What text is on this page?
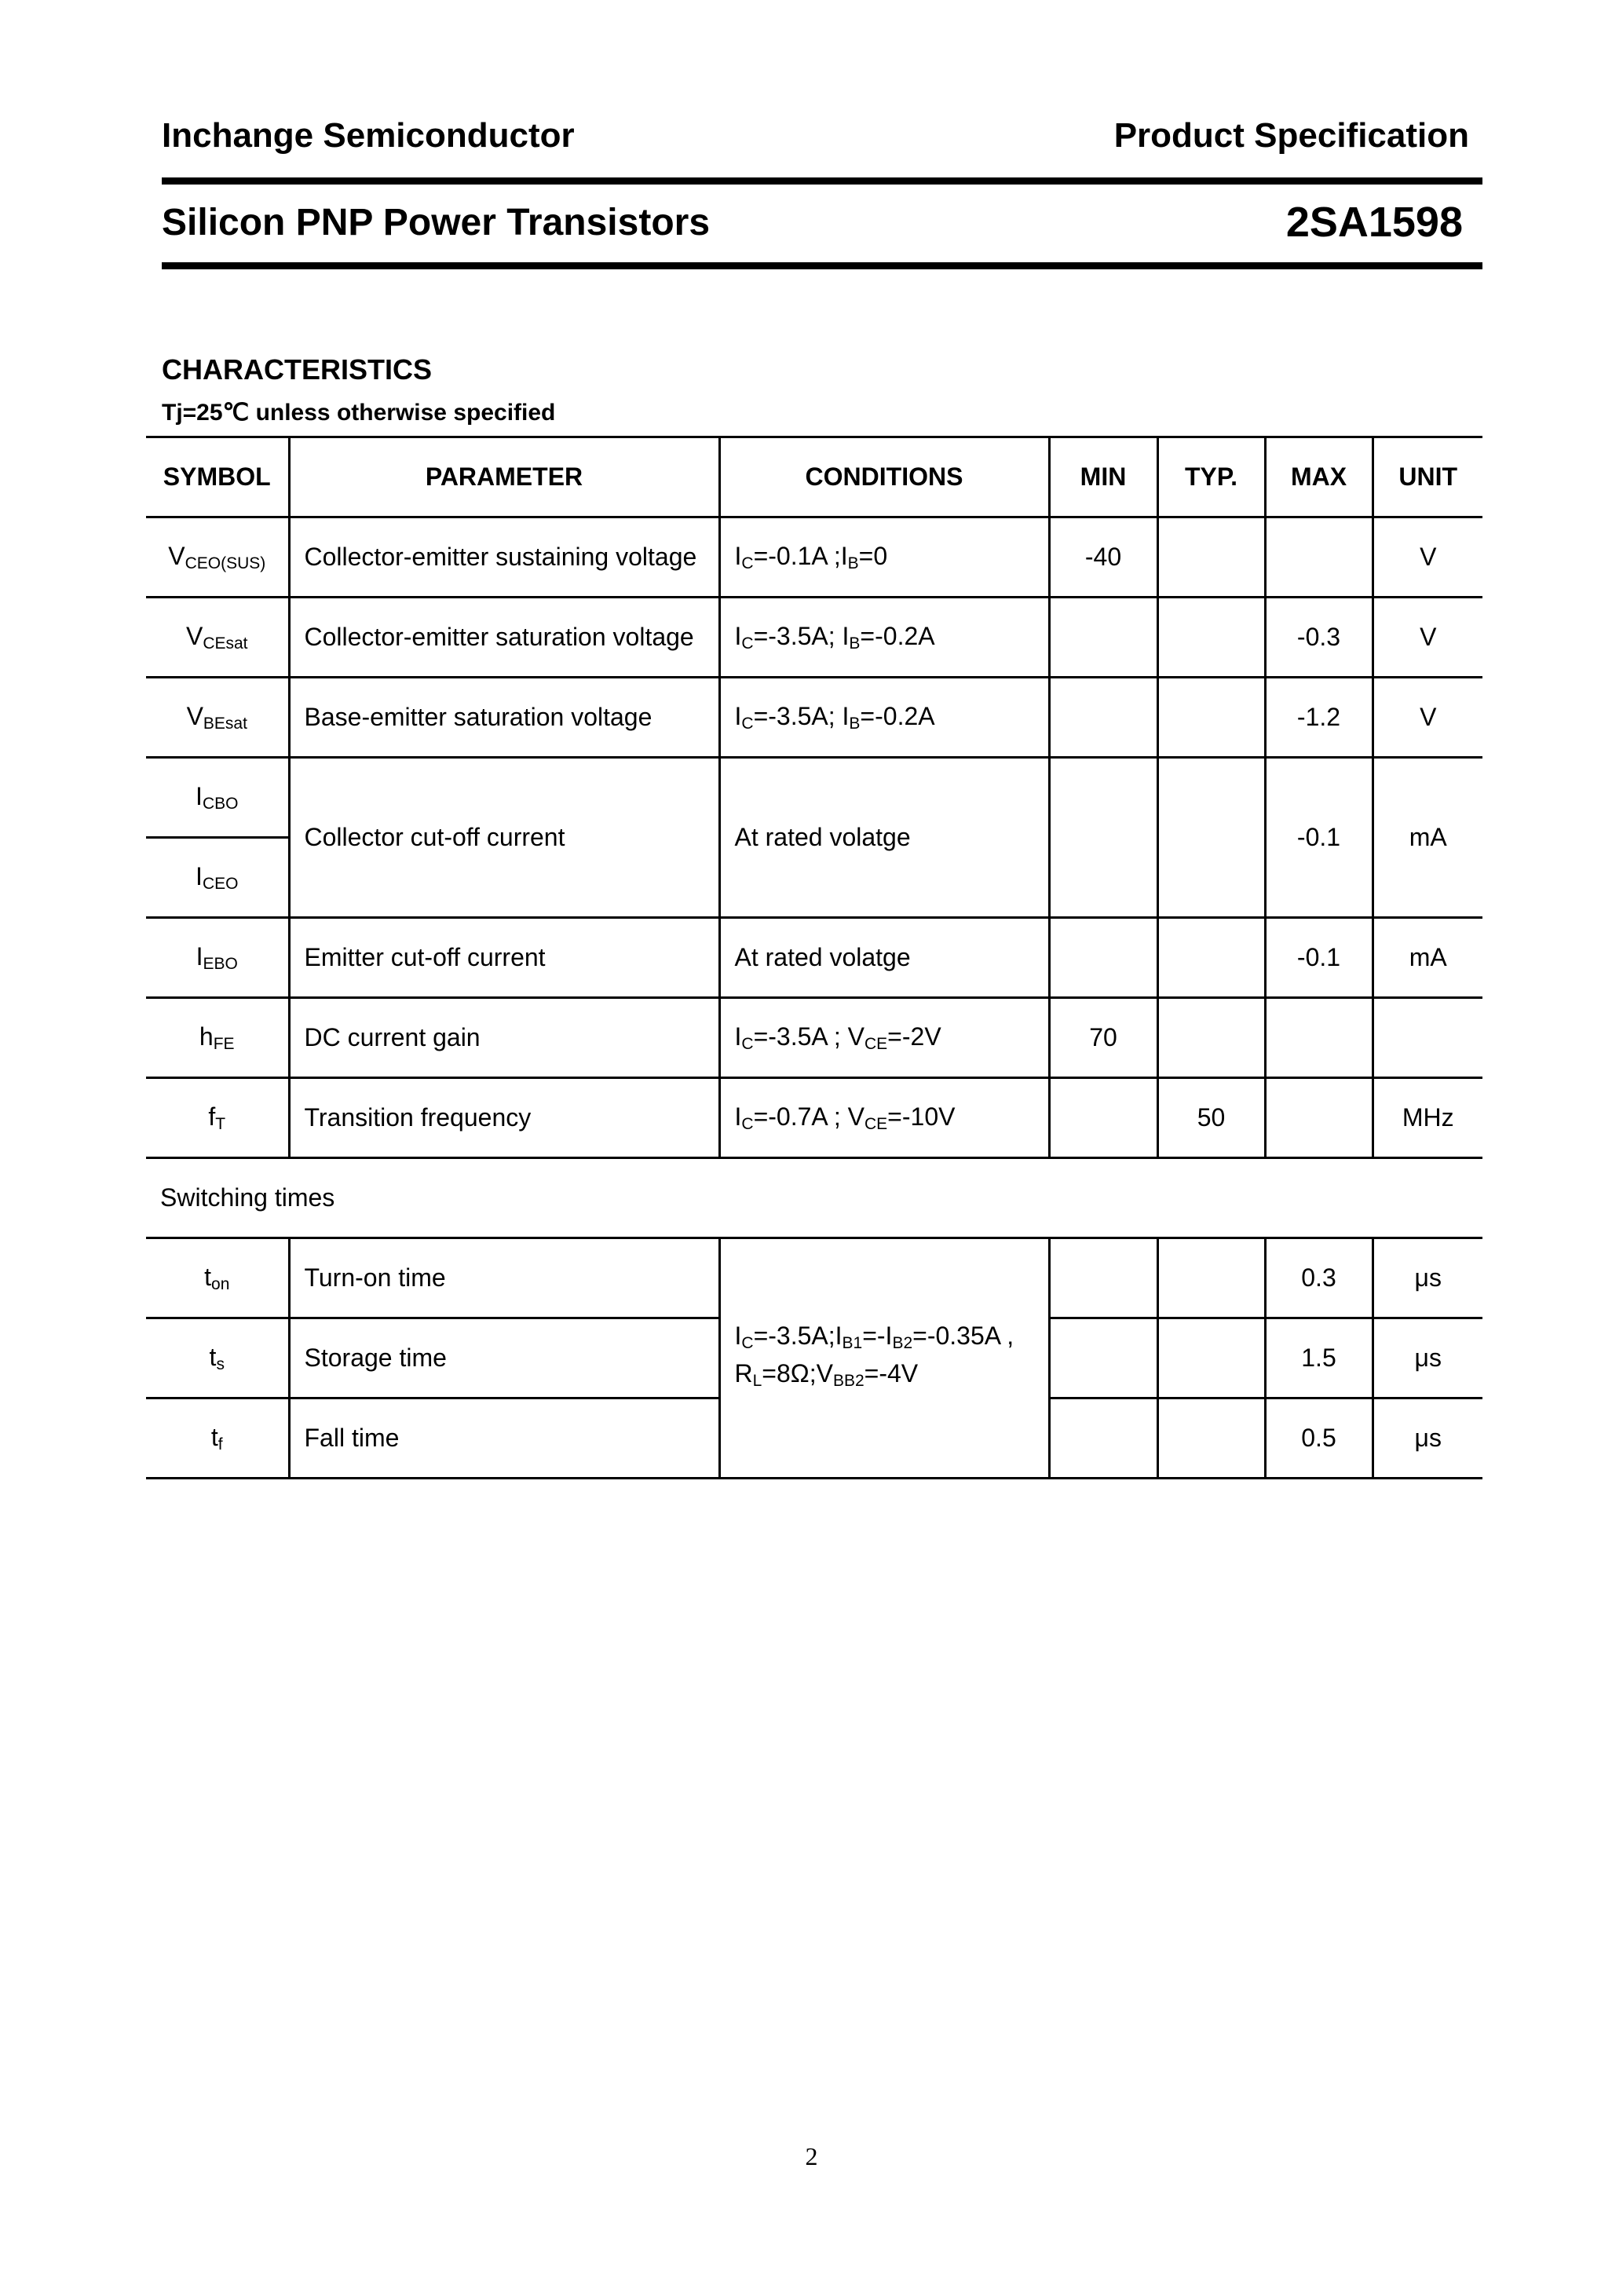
Inchange Semiconductor	Product Specification
Silicon PNP Power Transistors	2SA1598
CHARACTERISTICS
Tj=25℃ unless otherwise specified
SYMBOL	PARAMETER	CONDITIONS	MIN	TYP.	MAX	UNIT
$V_{CEO(SUS)}$	Collector-emitter sustaining voltage	$I_C=-0.1A$ $;I_B=0$	-40			V
$V_{CEsat}$	Collector-emitter saturation voltage	$I_C=-3.5A$; $I_B=-0.2A$			-0.3	V
$V_{BEsat}$	Base-emitter saturation voltage	$I_C=-3.5A$; $I_B=-0.2A$			-1.2	V
$I_{CBO}$	Collector cut-off current	At rated volatge			-0.1	mA
$I_{CEO}$
$I_{EBO}$	Emitter cut-off current	At rated volatge			-0.1	mA
$h_{FE}$	DC current gain	$I_C=-3.5A$ ; $V_{CE}=-2V$	70			
$f_T$	Transition frequency	$I_C=-0.7A$ ; $V_{CE}=-10V$		50		MHz
Switching times						
$t_{on}$	Turn-on time	$I_C=-3.5A;I_{B1}=-I_{B2}=-0.35A$ ,
$R_L=8\Omega;V_{BB2}=-4V$			0.3	μs
$t_s$	Storage time				1.5	μs
$t_f$	Fall time				0.5	μs
2
